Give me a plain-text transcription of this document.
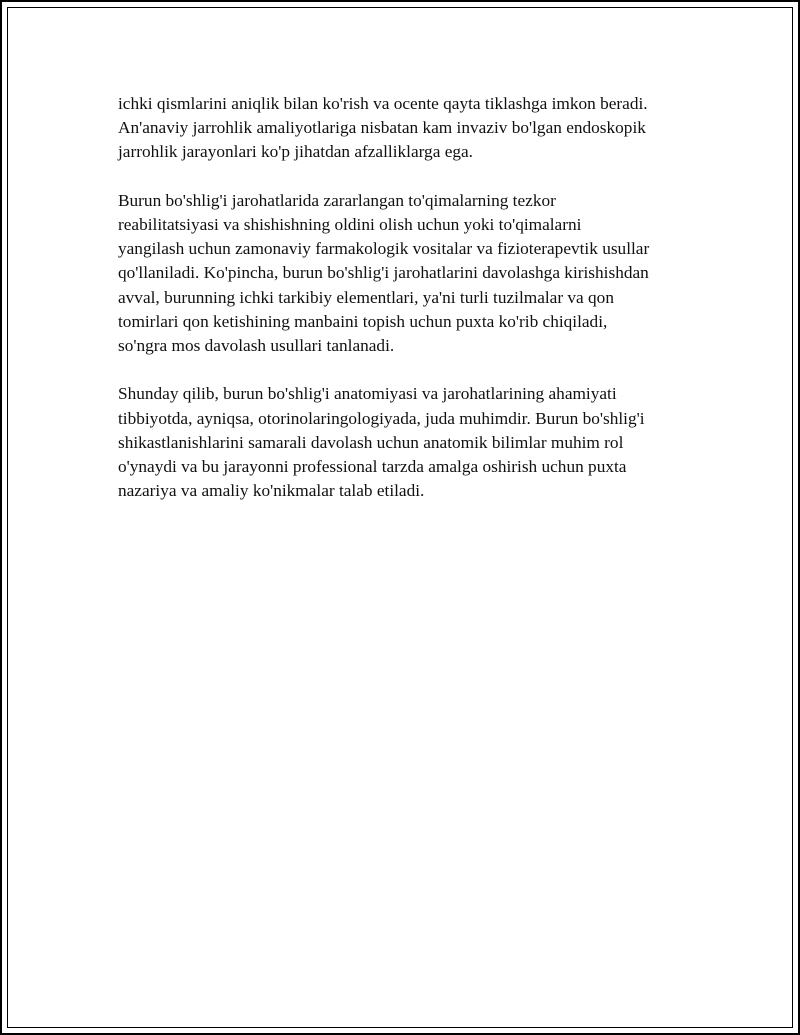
ichki qismlarini aniqlik bilan ko'rish va ocente qayta tiklashga imkon beradi.
An'anaviy jarrohlik amaliyotlariga nisbatan kam invaziv bo'lgan endoskopik
jarrohlik jarayonlari ko'p jihatdan afzalliklarga ega.

Burun bo'shlig'i jarohatlarida zararlangan to'qimalarning tezkor
reabilitatsiyasi va shishishning oldini olish uchun yoki to'qimalarni
yangilash uchun zamonaviy farmakologik vositalar va fizioterapevtik usullar
qo'llaniladi. Ko'pincha, burun bo'shlig'i jarohatlarini davolashga kirishishdan
avval, burunning ichki tarkibiy elementlari, ya'ni turli tuzilmalar va qon
tomirlari qon ketishining manbaini topish uchun puxta ko'rib chiqiladi,
so'ngra mos davolash usullari tanlanadi.

Shunday qilib, burun bo'shlig'i anatomiyasi va jarohatlarining ahamiyati
tibbiyotda, ayniqsa, otorinolaringologiyada, juda muhimdir. Burun bo'shlig'i
shikastlanishlarini samarali davolash uchun anatomik bilimlar muhim rol
o'ynaydi va bu jarayonni professional tarzda amalga oshirish uchun puxta
nazariya va amaliy ko'nikmalar talab etiladi.
